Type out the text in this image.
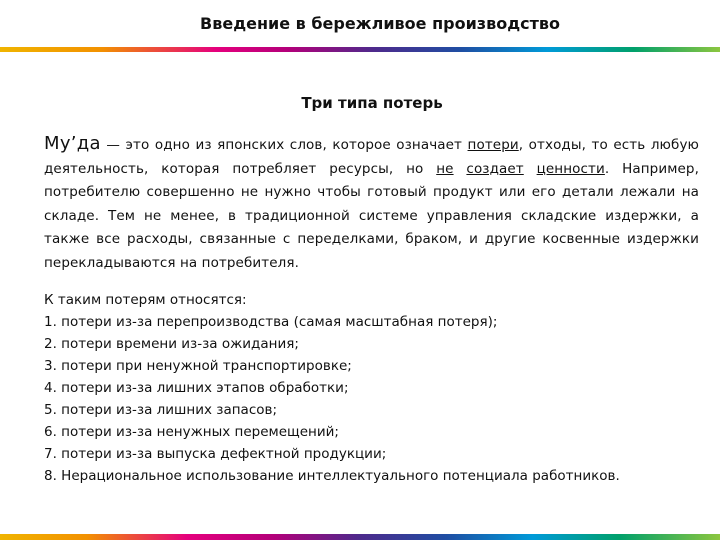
Введение в бережливое производство
Три типа потерь
Му’да — это одно из японских слов, которое означает потери, отходы, то есть любую деятельность, которая потребляет ресурсы, но не создает ценности. Например, потребителю совершенно не нужно чтобы готовый продукт или его детали лежали на складе. Тем не менее, в традиционной системе управления складские издержки, а также все расходы, связанные с переделками, браком, и другие косвенные издержки перекладываются на потребителя.
К таким потерям относятся:
1. потери из-за перепроизводства (самая масштабная потеря);
2. потери времени из-за ожидания;
3. потери при ненужной транспортировке;
4. потери из-за лишних этапов обработки;
5. потери из-за лишних запасов;
6. потери из-за ненужных перемещений;
7. потери из-за выпуска дефектной продукции;
8. Нерациональное использование интеллектуального потенциала работников.
